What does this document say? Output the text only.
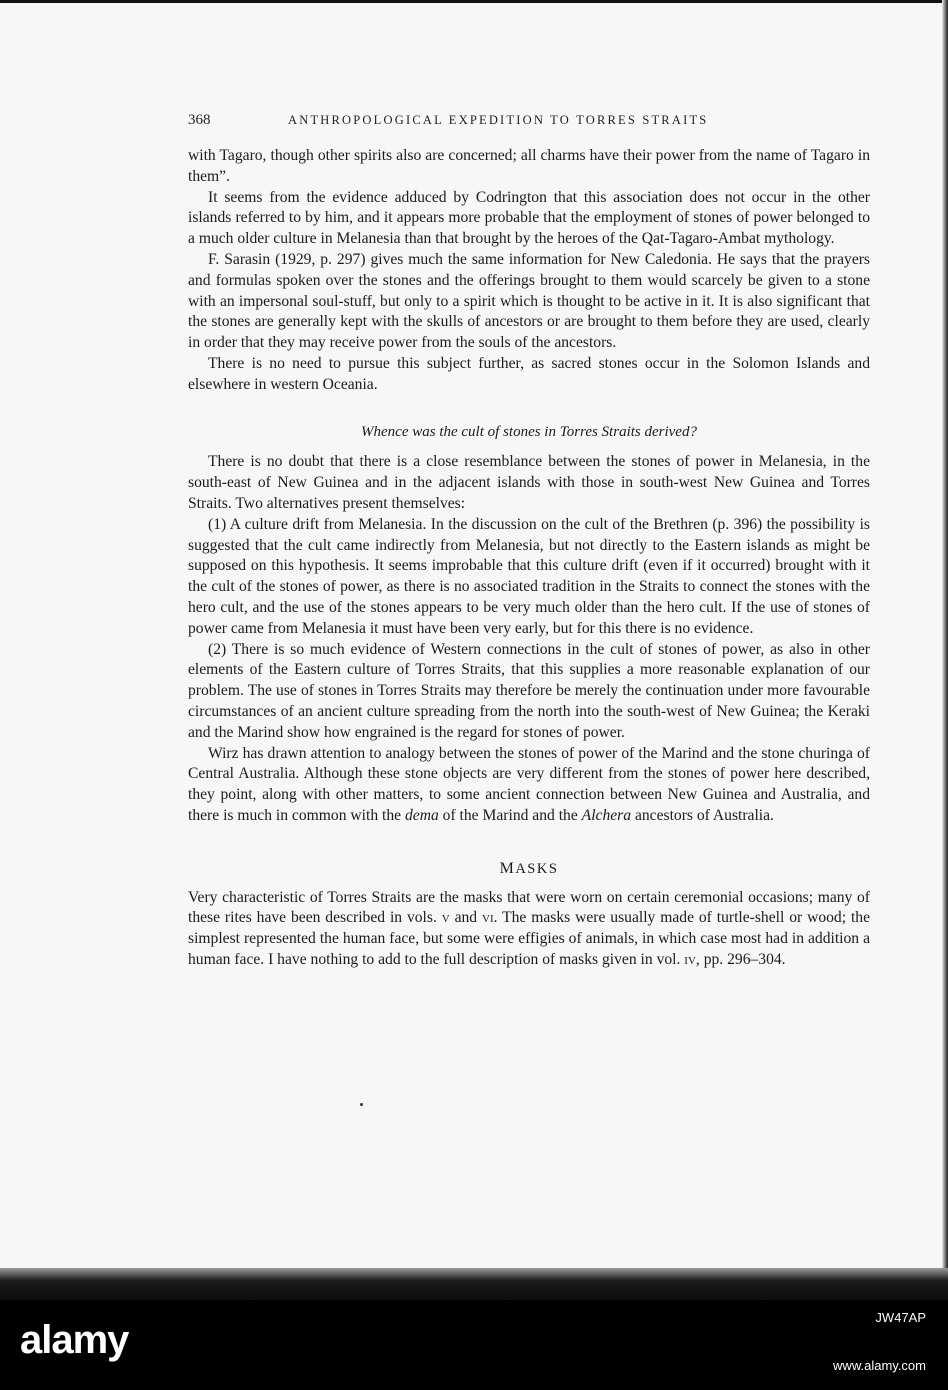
368	ANTHROPOLOGICAL EXPEDITION TO TORRES STRAITS

with Tagaro, though other spirits also are concerned; all charms have their power from the name of Tagaro in them”.

It seems from the evidence adduced by Codrington that this association does not occur in the other islands referred to by him, and it appears more probable that the employment of stones of power belonged to a much older culture in Melanesia than that brought by the heroes of the Qat-Tagaro-Ambat mythology.

F. Sarasin (1929, p. 297) gives much the same information for New Caledonia. He says that the prayers and formulas spoken over the stones and the offerings brought to them would scarcely be given to a stone with an impersonal soul-stuff, but only to a spirit which is thought to be active in it. It is also significant that the stones are generally kept with the skulls of ancestors or are brought to them before they are used, clearly in order that they may receive power from the souls of the ancestors.

There is no need to pursue this subject further, as sacred stones occur in the Solomon Islands and elsewhere in western Oceania.

Whence was the cult of stones in Torres Straits derived?

There is no doubt that there is a close resemblance between the stones of power in Melanesia, in the south-east of New Guinea and in the adjacent islands with those in south-west New Guinea and Torres Straits. Two alternatives present themselves:

(1) A culture drift from Melanesia. In the discussion on the cult of the Brethren (p. 396) the possibility is suggested that the cult came indirectly from Melanesia, but not directly to the Eastern islands as might be supposed on this hypothesis. It seems improbable that this culture drift (even if it occurred) brought with it the cult of the stones of power, as there is no associated tradition in the Straits to connect the stones with the hero cult, and the use of the stones appears to be very much older than the hero cult. If the use of stones of power came from Melanesia it must have been very early, but for this there is no evidence.

(2) There is so much evidence of Western connections in the cult of stones of power, as also in other elements of the Eastern culture of Torres Straits, that this supplies a more reasonable explanation of our problem. The use of stones in Torres Straits may therefore be merely the continuation under more favourable circumstances of an ancient culture spreading from the north into the south-west of New Guinea; the Keraki and the Marind show how engrained is the regard for stones of power.

Wirz has drawn attention to analogy between the stones of power of the Marind and the stone churinga of Central Australia. Although these stone objects are very different from the stones of power here described, they point, along with other matters, to some ancient connection between New Guinea and Australia, and there is much in common with the dema of the Marind and the Alchera ancestors of Australia.

MASKS

Very characteristic of Torres Straits are the masks that were worn on certain ceremonial occasions; many of these rites have been described in vols. v and vi. The masks were usually made of turtle-shell or wood; the simplest represented the human face, but some were effigies of animals, in which case most had in addition a human face. I have nothing to add to the full description of masks given in vol. iv, pp. 296–304.

alamy
JW47AP
www.alamy.com
